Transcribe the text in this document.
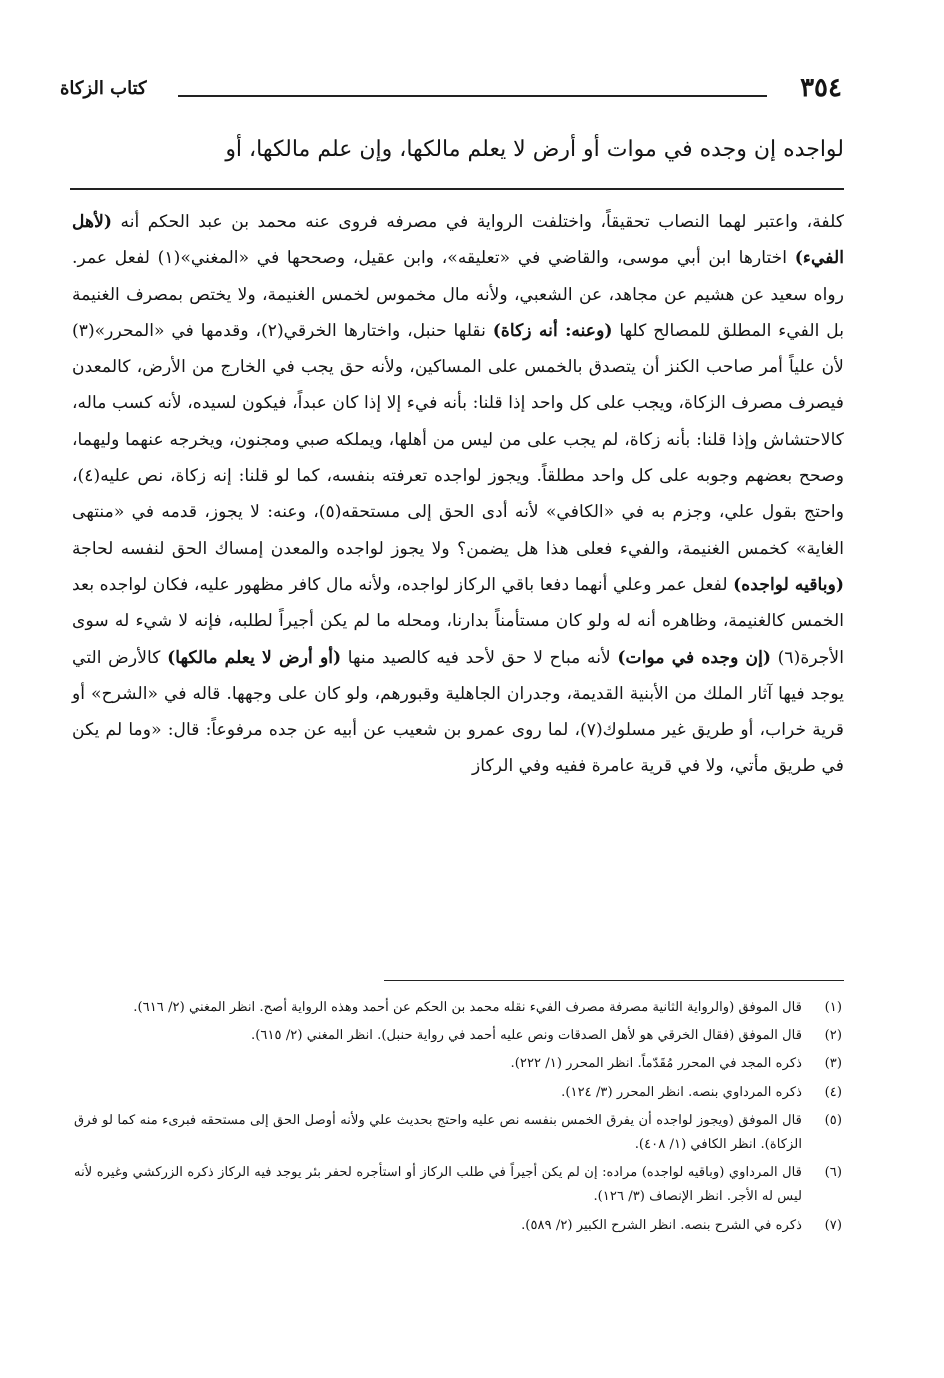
٣٥٤
كتاب الزكاة
لواجده إن وجده في موات أو أرض لا يعلم مالكها، وإن علم مالكها، أو

كلفة، واعتبر لهما النصاب تحقيقاً، واختلفت الرواية في مصرفه فروى عنه محمد بن عبد الحكم أنه (لأهل الفيء) اختارها ابن أبي موسى، والقاضي في «تعليقه»، وابن عقيل، وصححها في «المغني»(١) لفعل عمر. رواه سعيد عن هشيم عن مجاهد، عن الشعبي، ولأنه مال مخموس لخمس الغنيمة، ولا يختص بمصرف الغنيمة بل الفيء المطلق للمصالح كلها (وعنه: أنه زكاة) نقلها حنبل، واختارها الخرقي(٢)، وقدمها في «المحرر»(٣) لأن علياً أمر صاحب الكنز أن يتصدق بالخمس على المساكين، ولأنه حق يجب في الخارج من الأرض، كالمعدن فيصرف مصرف الزكاة، ويجب على كل واحد إذا قلنا: بأنه فيء إلا إذا كان عبداً، فيكون لسيده، لأنه كسب ماله، كالاحتشاش وإذا قلنا: بأنه زكاة، لم يجب على من ليس من أهلها، ويملكه صبي ومجنون، ويخرجه عنهما وليهما، وصحح بعضهم وجوبه على كل واحد مطلقاً. ويجوز لواجده تعرفته بنفسه، كما لو قلنا: إنه زكاة، نص عليه(٤)، واحتج بقول علي، وجزم به في «الكافي» لأنه أدى الحق إلى مستحقه(٥)، وعنه: لا يجوز، قدمه في «منتهى الغاية» كخمس الغنيمة، والفيء فعلى هذا هل يضمن؟ ولا يجوز لواجده والمعدن إمساك الحق لنفسه لحاجة (وباقيه لواجده) لفعل عمر وعلي أنهما دفعا باقي الركاز لواجده، ولأنه مال كافر مظهور عليه، فكان لواجده بعد الخمس كالغنيمة، وظاهره أنه له ولو كان مستأمناً بدارنا، ومحله ما لم يكن أجيراً لطلبه، فإنه لا شيء له سوى الأجرة(٦) (إن وجده في موات) لأنه مباح لا حق لأحد فيه كالصيد منها (أو أرض لا يعلم مالكها) كالأرض التي يوجد فيها آثار الملك من الأبنية القديمة، وجدران الجاهلية وقبورهم، ولو كان على وجهها. قاله في «الشرح» أو قرية خراب، أو طريق غير مسلوك(٧)، لما روى عمرو بن شعيب عن أبيه عن جده مرفوعاً: قال: «وما لم يكن في طريق مأتي، ولا في قرية عامرة ففيه وفي الركاز

(١)
قال الموفق (والرواية الثانية مصرفة مصرف الفيء نقله محمد بن الحكم عن أحمد وهذه الرواية أصح. انظر المغني (٢/ ٦١٦).
(٢)
قال الموفق (فقال الخرقي هو لأهل الصدقات ونص عليه أحمد في رواية حنبل). انظر المغني (٢/ ٦١٥).
(٣)
ذكره المجد في المحرر مُقَدّماً. انظر المحرر (١/ ٢٢٢).
(٤)
ذكره المرداوي بنصه. انظر المحرر (٣/ ١٢٤).
(٥)
قال الموفق (ويجوز لواجده أن يفرق الخمس بنفسه نص عليه واحتج بحديث علي ولأنه أوصل الحق إلى مستحقه فبرىء منه كما لو فرق الزكاة). انظر الكافي (١/ ٤٠٨).
(٦)
قال المرداوي (وباقيه لواجده) مراده: إن لم يكن أجيراً في طلب الركاز أو استأجره لحفر بئر يوجد فيه الركاز ذكره الزركشي وغيره لأنه ليس له الأجر. انظر الإنصاف (٣/ ١٢٦).
(٧)
ذكره في الشرح بنصه. انظر الشرح الكبير (٢/ ٥٨٩).
